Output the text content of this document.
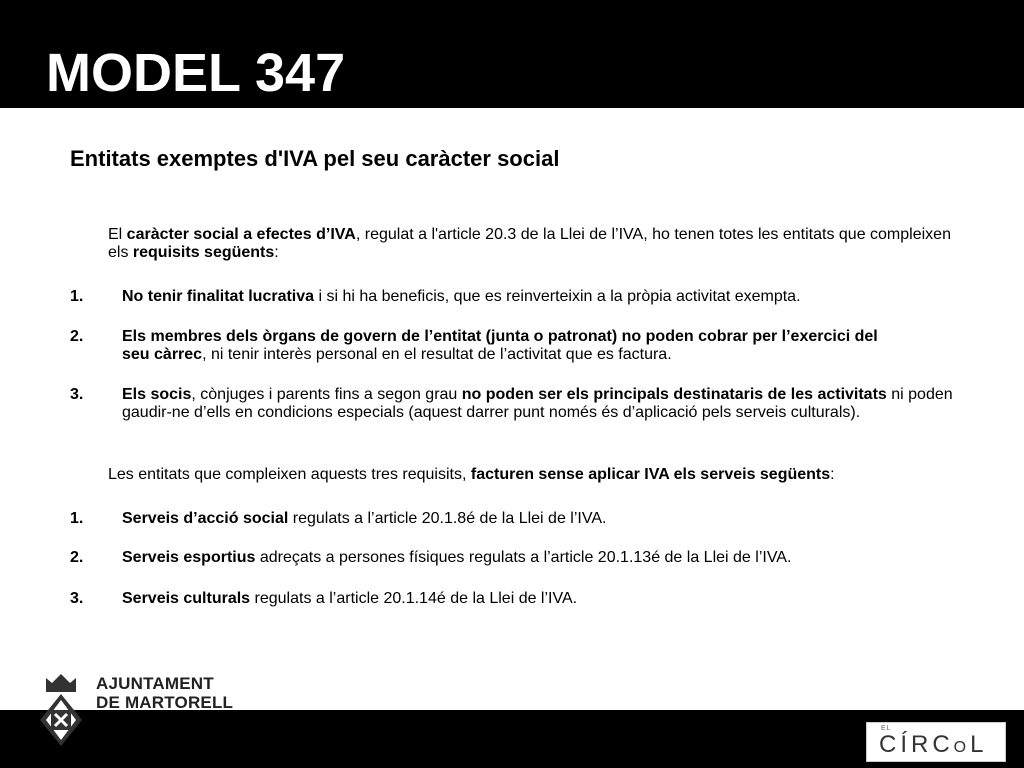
MODEL 347
Entitats exemptes d'IVA pel seu caràcter social

El caràcter social a efectes d’IVA, regulat a l'article 20.3 de la Llei de l’IVA, ho tenen totes les entitats que compleixen els requisits següents:

1. No tenir finalitat lucrativa i si hi ha beneficis, que es reinverteixin a la pròpia activitat exempta.
2. Els membres dels òrgans de govern de l’entitat (junta o patronat) no poden cobrar per l’exercici del seu càrrec, ni tenir interès personal en el resultat de l’activitat que es factura.
3. Els socis, cònjuges i parents fins a segon grau no poden ser els principals destinataris de les activitats ni poden gaudir-ne d’ells en condicions especials (aquest darrer punt només és d’aplicació pels serveis culturals).

Les entitats que compleixen aquests tres requisits, facturen sense aplicar IVA els serveis següents:

1. Serveis d’acció social regulats a l’article 20.1.8é de la Llei de l’IVA.
2. Serveis esportius adreçats a persones físiques regulats a l’article 20.1.13é de la Llei de l’IVA.
3. Serveis culturals regulats a l’article 20.1.14é de la Llei de l’IVA.
AJUNTAMENT
DE MARTORELL
EL
CÍRCOL
